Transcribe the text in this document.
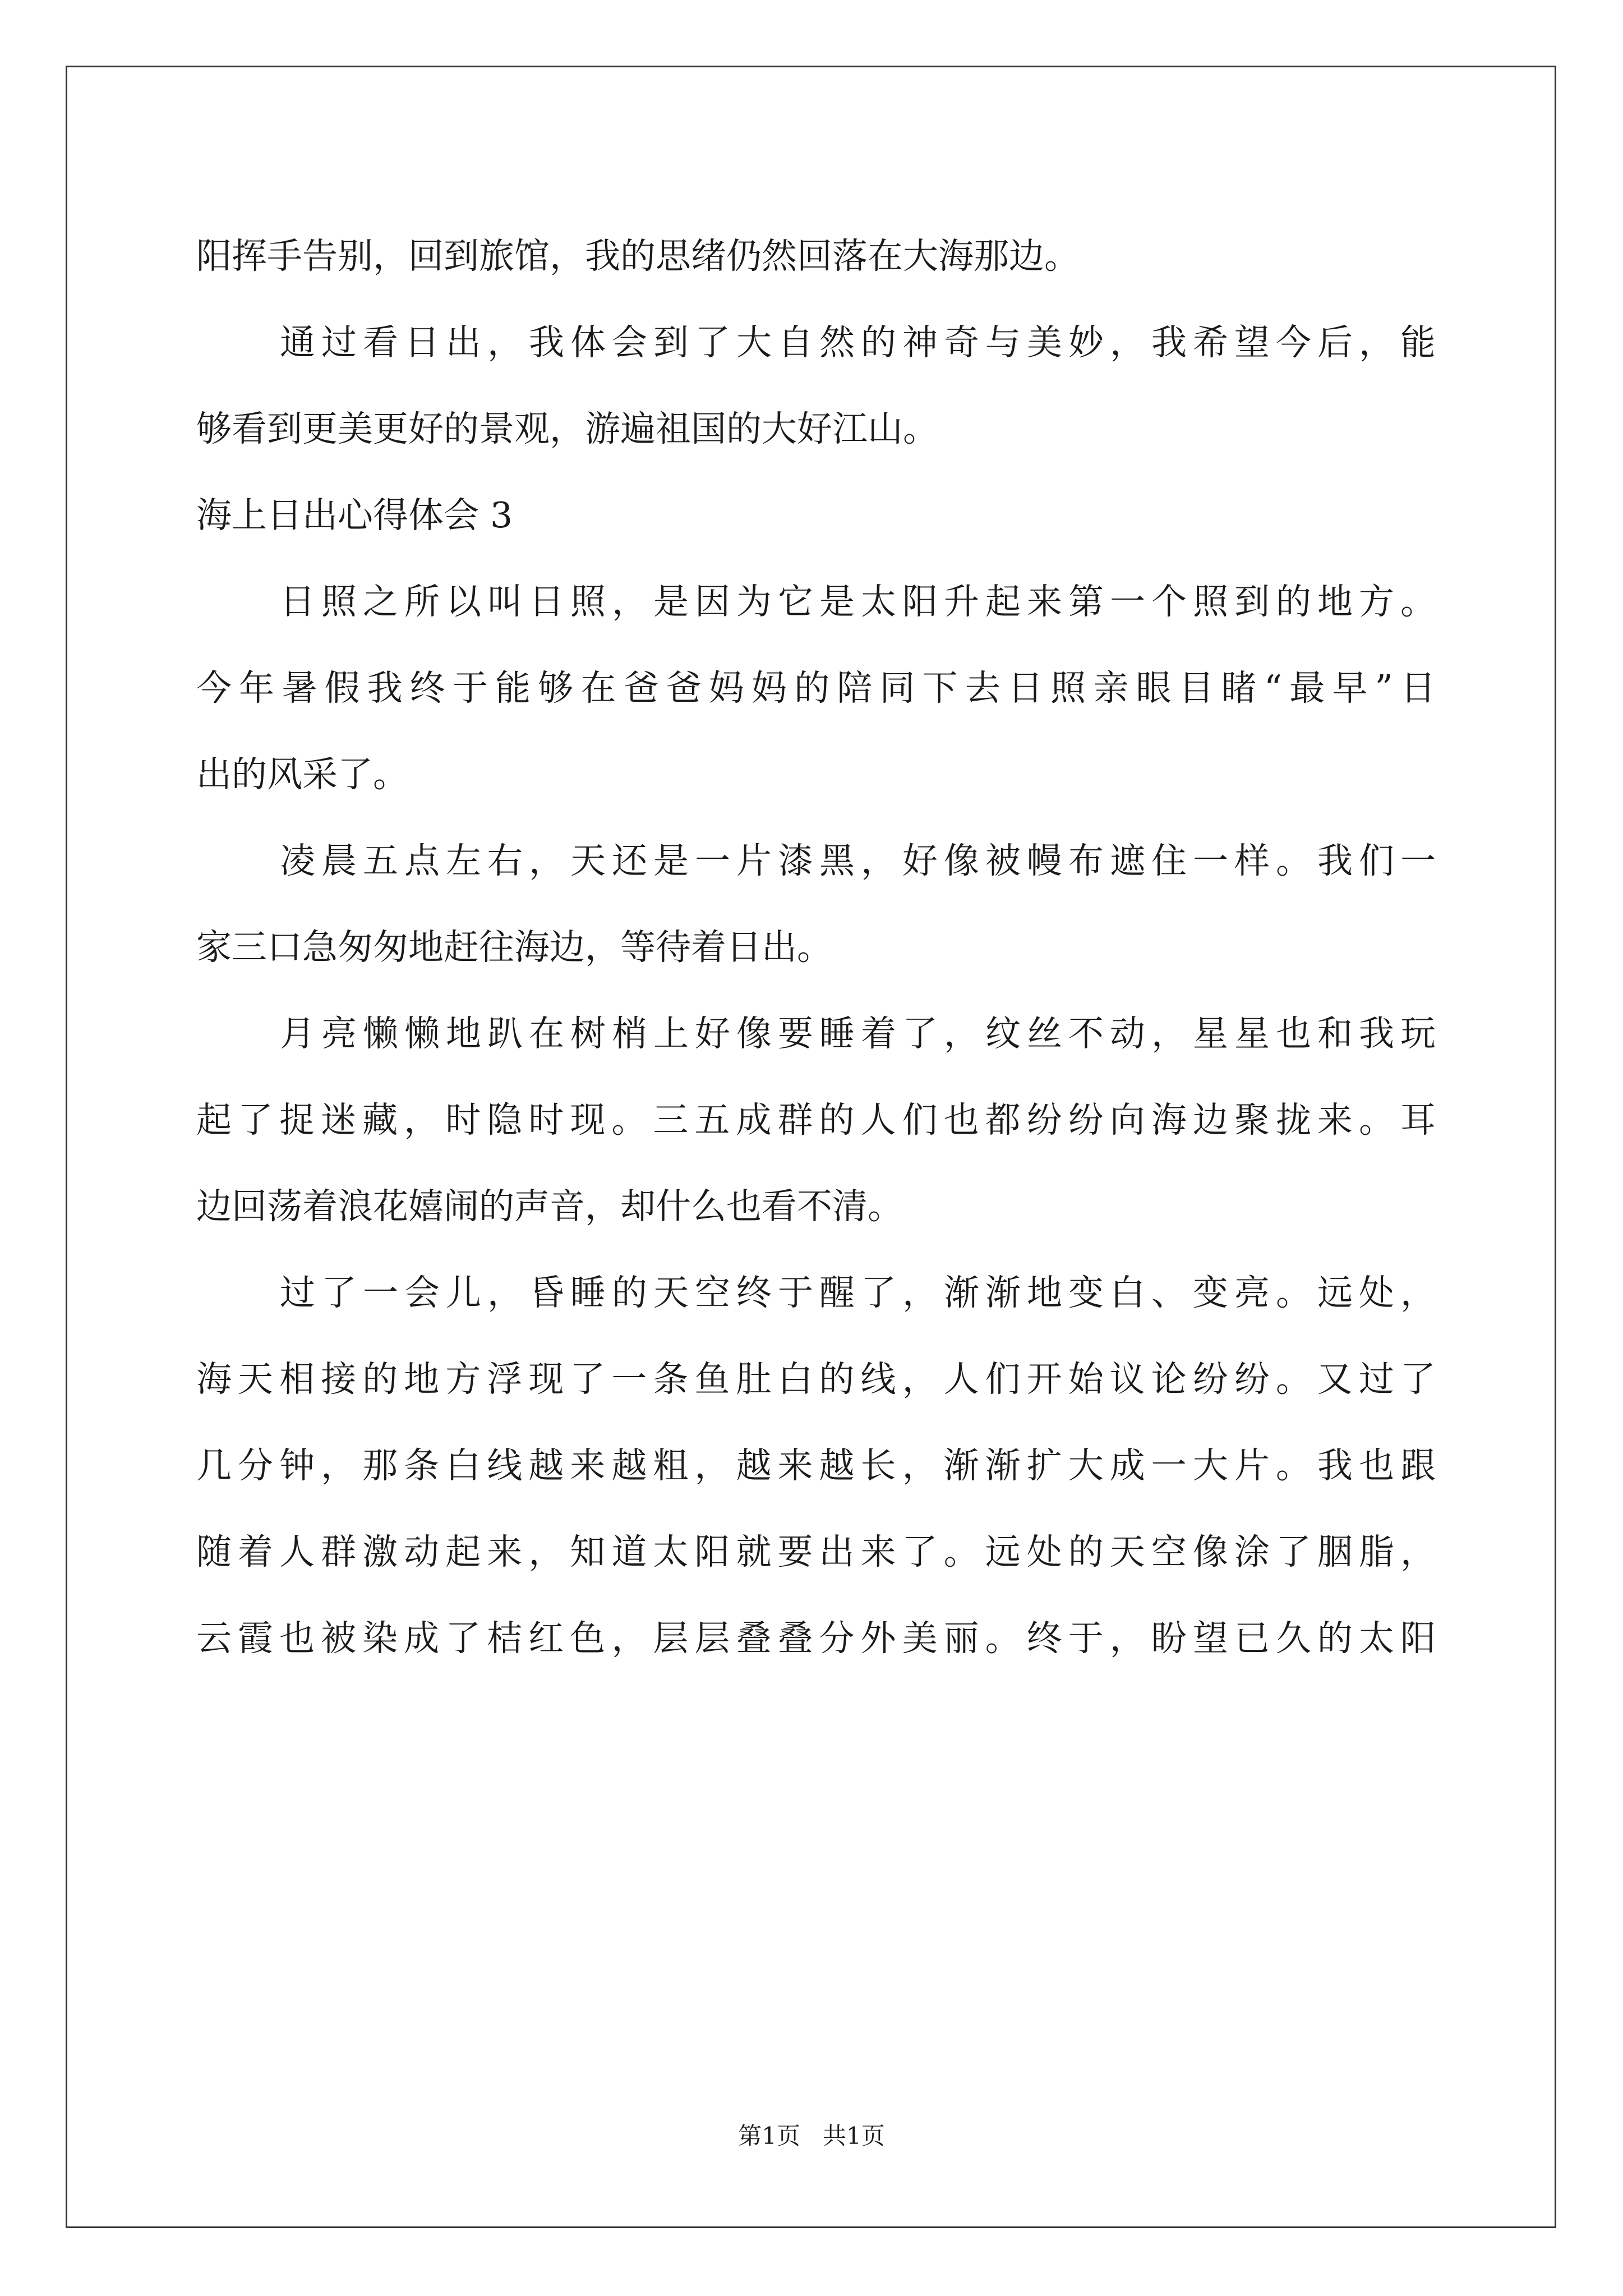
阳挥手告别，回到旅馆，我的思绪仍然回落在大海那边。
通过看日出，我体会到了大自然的神奇与美妙，我希望今后，能
够看到更美更好的景观，游遍祖国的大好江山。
海上日出心得体会 3
日照之所以叫日照，是因为它是太阳升起来第一个照到的地方。
今年暑假我终于能够在爸爸妈妈的陪同下去日照亲眼目睹“最早”日
出的风采了。
凌晨五点左右，天还是一片漆黑，好像被幔布遮住一样。我们一
家三口急匆匆地赶往海边，等待着日出。
月亮懒懒地趴在树梢上好像要睡着了，纹丝不动，星星也和我玩
起了捉迷藏，时隐时现。三五成群的人们也都纷纷向海边聚拢来。耳
边回荡着浪花嬉闹的声音，却什么也看不清。
过了一会儿，昏睡的天空终于醒了，渐渐地变白、变亮。远处，
海天相接的地方浮现了一条鱼肚白的线，人们开始议论纷纷。又过了
几分钟，那条白线越来越粗，越来越长，渐渐扩大成一大片。我也跟
随着人群激动起来，知道太阳就要出来了。远处的天空像涂了胭脂，
云霞也被染成了桔红色，层层叠叠分外美丽。终于，盼望已久的太阳
第1页   共1页
